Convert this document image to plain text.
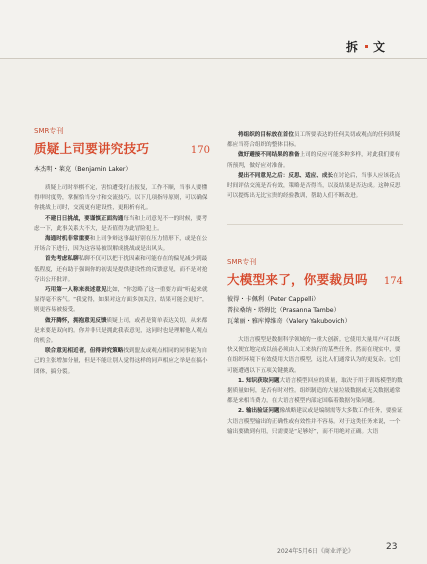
拆 文
SMR专刊
质疑上司要讲究技巧	170
本杰明・莱克（Benjamin Laker）

质疑上司时举棋不定，害怕遭受打击报复，工作不顺，当事人要懂得审时度势，掌握恰当分寸和交流技巧。以下几项指导原则，可以确保你挑战上司时，交流更有建设性，更粗析有礼。

不建日日挑战，要谨慎正面沟通每当和上司意见不一的时候，要考虑一下，此事关系大不大，是否值得为此冒险犯上。

海通时机非常重要和上司争辩这事最好别在压力情形下，或是在公开场合下进行，因为这容易被误解成挑战或是出风头。

首先考虑私聊私聊不仅可以把干扰因素和可能存在的偏见减少到最低程度，还有助于强调你的初衷是提供建设性的反馈意见，而不是对抢夺出公开批评。

巧用第一人称来表述意见比如，“你忽略了这一重要方面”听起来就显得毫不客气。“我觉得，如果对这方面多加关注，结果可能会更好”，则更容易被接受。

做开腾怀，拥抱意见反馈质疑上司，或者是简单表达关切，从来都是来要是双向的。你并非只是拥此我表意见，这同时也是理解他人观点的机会。

联合意见相近者，但得讲究策略找到盟友或观点相同的同事能为自己的主张增加分量，但是不能让别人觉得这样的同声相应之举是在搞小团体，搞分裂。

将组织的目标放在首位员工所要表达的任何关切或观点的任何质疑都应当符合组织的整体目标。

做好避接不同结果的准备上司的反应可能多种多样，对此我们要有所预判，做好应对准备。

提出不同意见之后：反思、适应、成长在讨论后，当事人应该花点时间评估交流是否有效，策略是否得当，以及结果是否达成。这种反思可以提炼出无比宝贵的经验教训，帮助人们不断改进。

SMR专刊
大模型来了，你要裁员吗 174
彼得・卡佩利（Peter Cappelli）
普拉桑纳・塔姆比（Prasanna Tambe）
瓦莱丽・雅库博维奇（Valery Yakubovich）

大语言模型是数据科学领域的一重大创新。它使用大量用户可以既快又便宜地完成以前必须由人工来执行的某些任务。然而在现实中，要在组织环境下有效使用大语言模型，远比人们通常认为的更复杂。它们可能遭遇以下五项关键挑战。

1. 知识获取问题大语言模型回应的质量，取决于用于训练模型的数据质量如何，是否有时对性。组织制造的大量垃圾数据或无关数据通常都是来相当费力，在大语言模型内部定国临着数据匀染问题。

2. 输出验证问题像战略建议或是编制需等大多数工作任务，要验证大语言模型输出的正确性或有效性并不容易。对于这类任务来说，一个输出要做到有用，只需要是“足够好”，而不用绝对正确。大语

2024年5月6日《商业评论》	23
